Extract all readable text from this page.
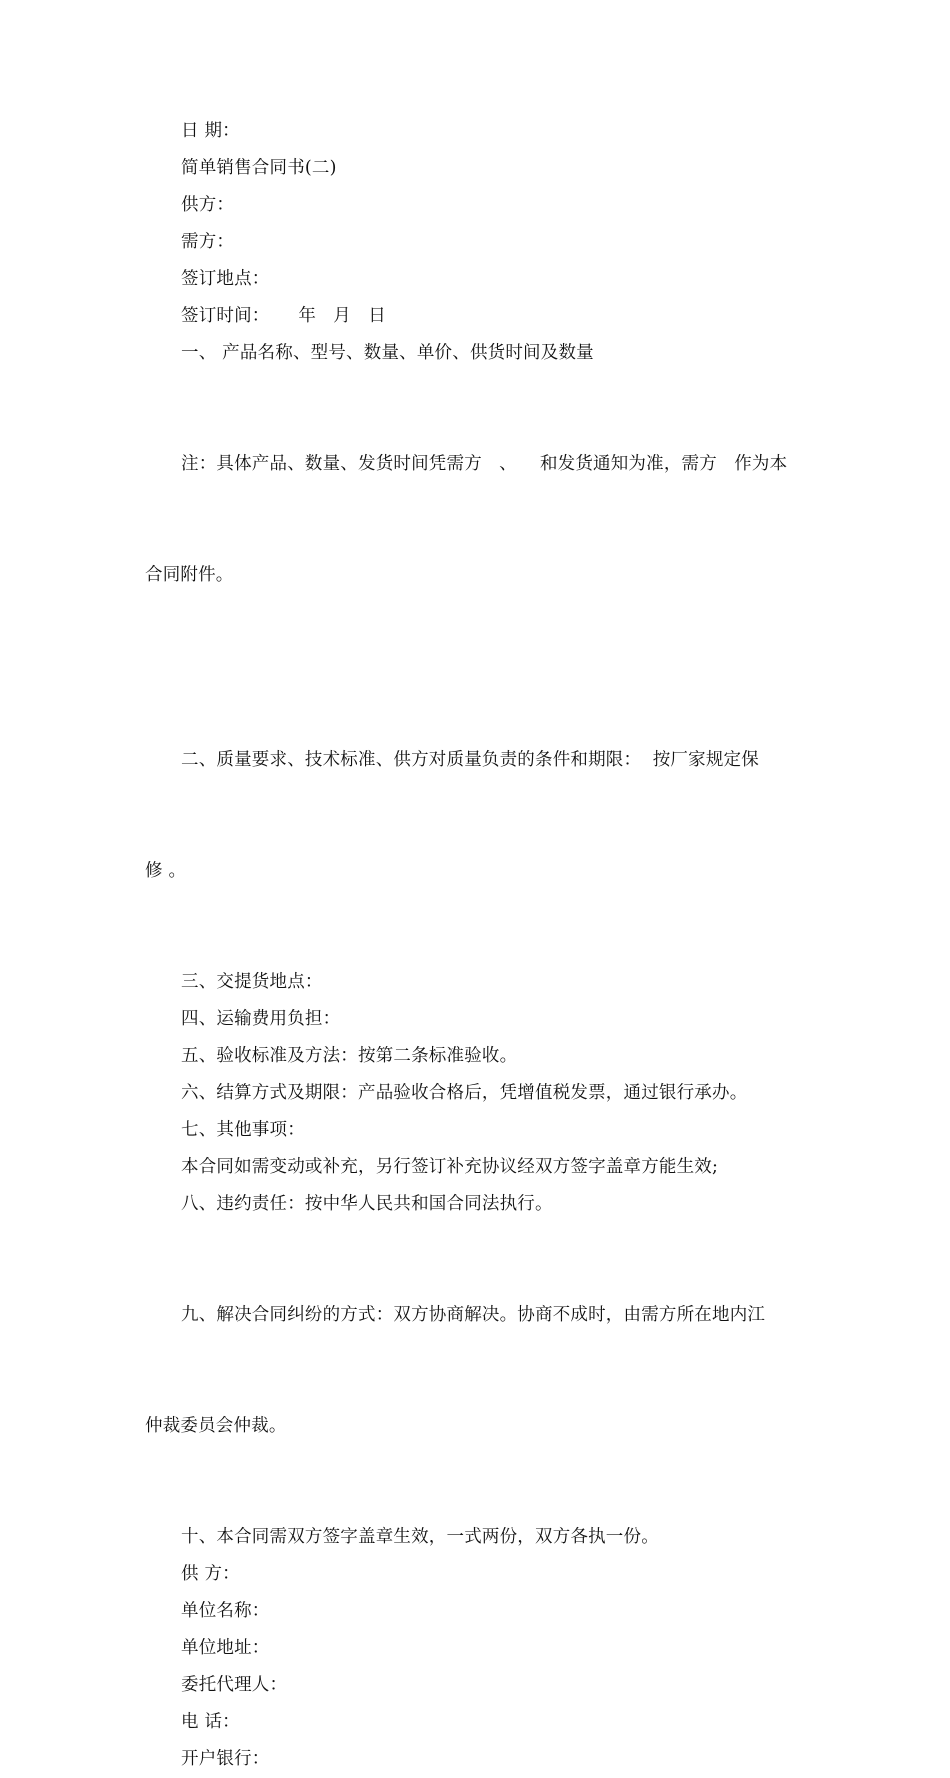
日 期：

简单销售合同书(二)

供方：

需方：

签订地点：

签订时间：     年   月   日

一、 产品名称、型号、数量、单价、供货时间及数量

注：具体产品、数量、发货时间凭需方   、    和发货通知为准，需方   作为本

合同附件。

二、质量要求、技术标准、供方对质量负责的条件和期限：  按厂家规定保

修 。

三、交提货地点：

四、运输费用负担：

五、验收标准及方法：按第二条标准验收。

六、结算方式及期限：产品验收合格后，凭增值税发票，通过银行承办。

七、其他事项：

本合同如需变动或补充，另行签订补充协议经双方签字盖章方能生效;

八、违约责任：按中华人民共和国合同法执行。

九、解决合同纠纷的方式：双方协商解决。协商不成时，由需方所在地内江

仲裁委员会仲裁。

十、本合同需双方签字盖章生效，一式两份，双方各执一份。

供 方：

单位名称：

单位地址：

委托代理人：

电 话：

开户银行：
